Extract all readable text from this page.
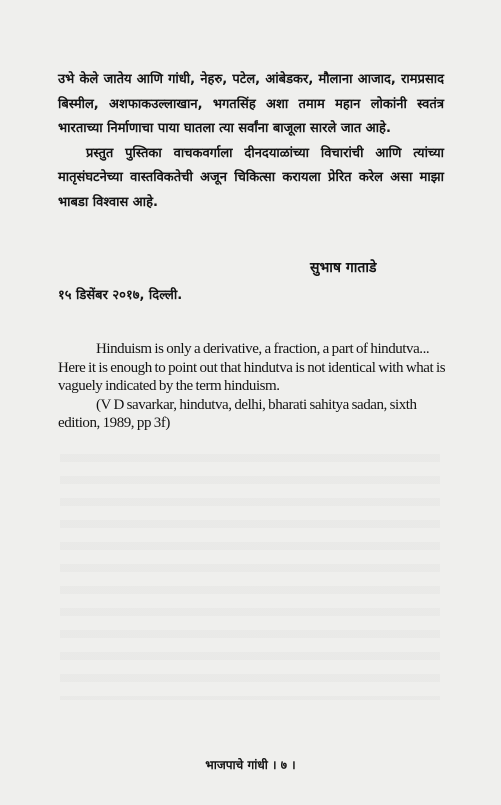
उभे केले जातेय आणि गांधी, नेहरु, पटेल, आंबेडकर, मौलाना आजाद, रामप्रसाद बिस्मील, अशफाकउल्लाखान, भगतसिंह अशा तमाम महान लोकांनी स्वतंत्र भारताच्या निर्माणाचा पाया घातला त्या सर्वांना बाजूला सारले जात आहे.

प्रस्तुत पुस्तिका वाचकवर्गाला दीनदयाळांच्या विचारांची आणि त्यांच्या मातृसंघटनेच्या वास्तविकतेची अजून चिकित्सा करायला प्रेरित करेल असा माझा भाबडा विश्वास आहे.

सुभाष गाताडे
१५ डिसेंबर २०१७, दिल्ली.

Hinduism is only a derivative, a fraction, a part of hindutva... Here it is enough to point out that hindutva is not identical with what is vaguely indicated by the term hinduism.

(V D savarkar, hindutva, delhi, bharati sahitya sadan, sixth edition, 1989, pp 3f)

भाजपाचे गांधी । ७ ।
